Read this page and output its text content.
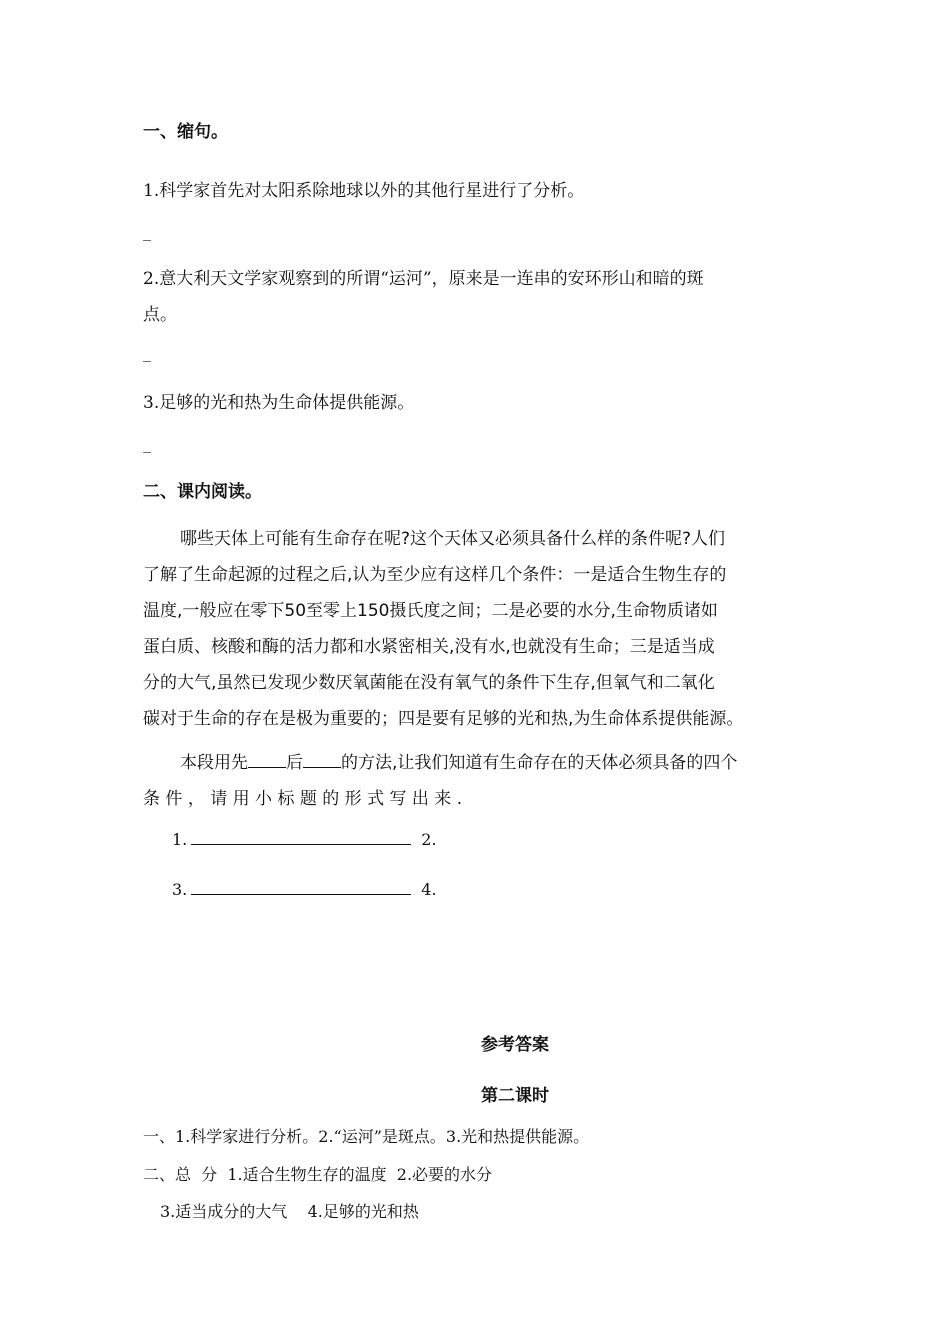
一、缩句。
1.科学家首先对太阳系除地球以外的其他行星进行了分析。
_
2.意大利天文学家观察到的所谓“运河”，原来是一连串的安环形山和暗的斑
点。
_
3.足够的光和热为生命体提供能源。
_
二、课内阅读。
哪些天体上可能有生命存在呢?这个天体又必须具备什么样的条件呢?人们
了解了生命起源的过程之后,认为至少应有这样几个条件：一是适合生物生存的
温度,一般应在零下50至零上150摄氏度之间；二是必要的水分,生命物质诸如
蛋白质、核酸和酶的活力都和水紧密相关,没有水,也就没有生命；三是适当成
分的大气,虽然已发现少数厌氧菌能在没有氧气的条件下生存,但氧气和二氧化
碳对于生命的存在是极为重要的；四是要有足够的光和热,为生命体系提供能源。
本段用先 后 的方法,让我们知道有生命存在的天体必须具备的四个
条 件 ， 请 用 小 标 题 的 形 式 写 出 来 .
1.	2.
3.	4.
参考答案
第二课时
一、1.科学家进行分析。2.“运河”是斑点。3.光和热提供能源。
二、总  分  1.适合生物生存的温度  2.必要的水分
3.适当成分的大气    4.足够的光和热
